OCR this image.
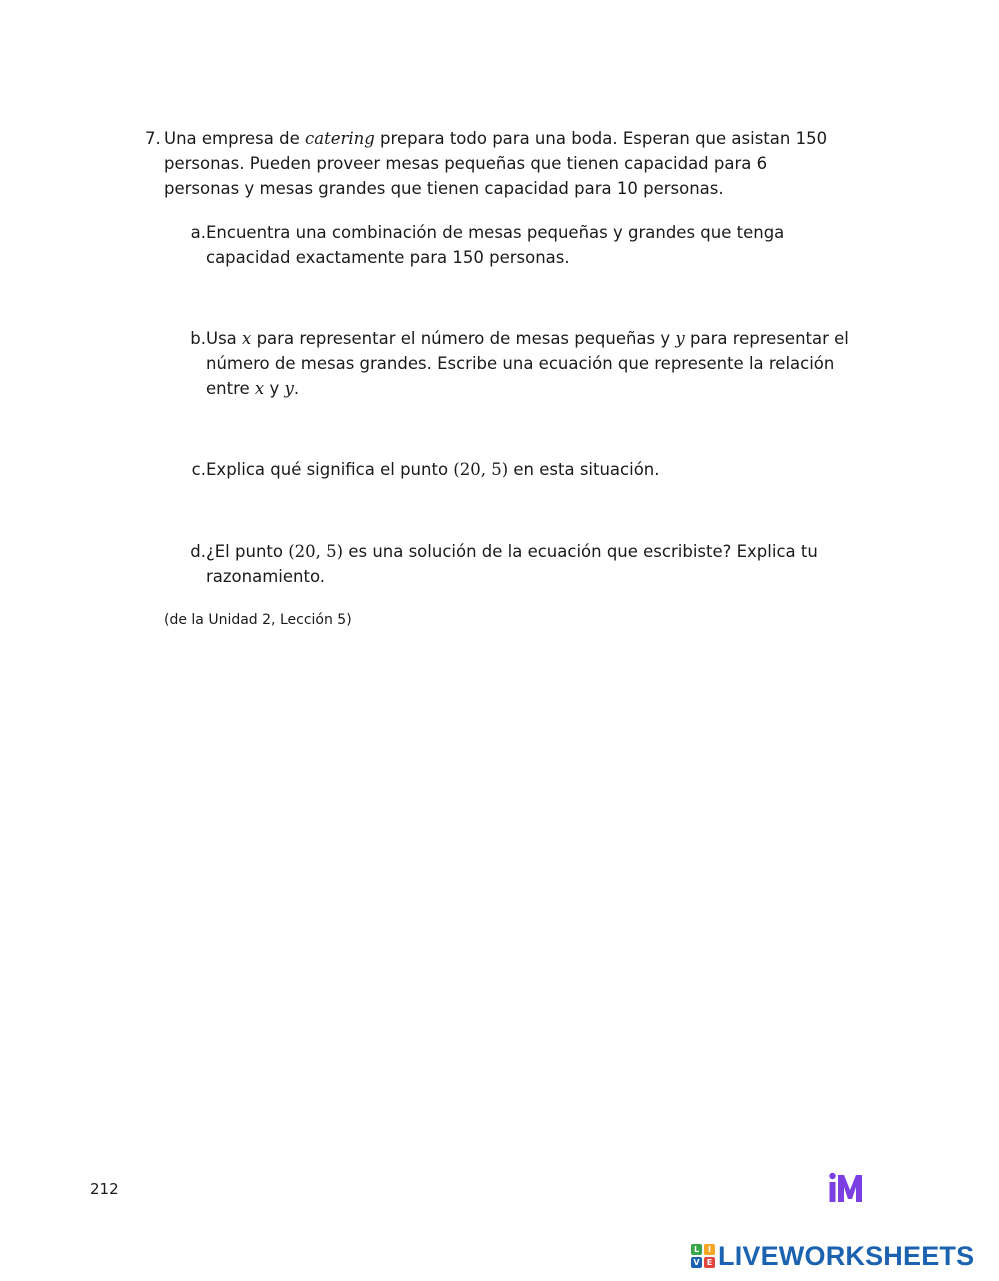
7. Una empresa de catering prepara todo para una boda. Esperan que asistan 150 personas. Pueden proveer mesas pequeñas que tienen capacidad para 6 personas y mesas grandes que tienen capacidad para 10 personas.
a. Encuentra una combinación de mesas pequeñas y grandes que tenga capacidad exactamente para 150 personas.
b. Usa x para representar el número de mesas pequeñas y y para representar el número de mesas grandes. Escribe una ecuación que represente la relación entre x y y.
c. Explica qué significa el punto (20, 5) en esta situación.
d. ¿El punto (20, 5) es una solución de la ecuación que escribiste? Explica tu razonamiento.
(de la Unidad 2, Lección 5)
212
L	I
V E LIVEWORKSHEETS
